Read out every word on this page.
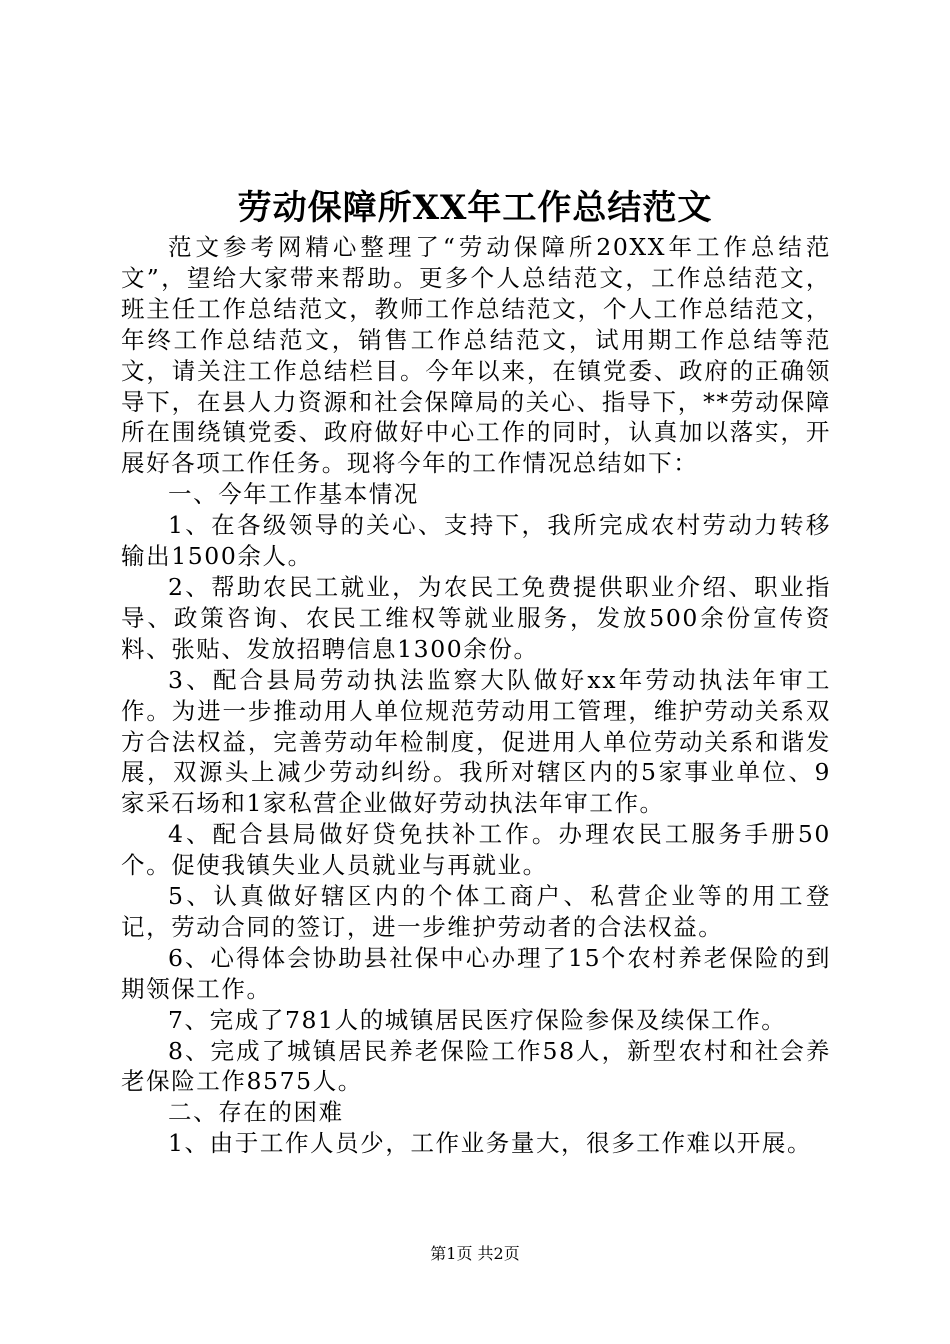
劳动保障所XX年工作总结范文

范文参考网精心整理了“劳动保障所20XX年工作总结范文”，望给大家带来帮助。更多个人总结范文，工作总结范文，班主任工作总结范文，教师工作总结范文，个人工作总结范文，年终工作总结范文，销售工作总结范文，试用期工作总结等范文，请关注工作总结栏目。今年以来，在镇党委、政府的正确领导下，在县人力资源和社会保障局的关心、指导下，**劳动保障所在围绕镇党委、政府做好中心工作的同时，认真加以落实，开展好各项工作任务。现将今年的工作情况总结如下：

一、今年工作基本情况

1、在各级领导的关心、支持下，我所完成农村劳动力转移输出1500余人。

2、帮助农民工就业，为农民工免费提供职业介绍、职业指导、政策咨询、农民工维权等就业服务，发放500余份宣传资料、张贴、发放招聘信息1300余份。

3、配合县局劳动执法监察大队做好xx年劳动执法年审工作。为进一步推动用人单位规范劳动用工管理，维护劳动关系双方合法权益，完善劳动年检制度，促进用人单位劳动关系和谐发展，双源头上减少劳动纠纷。我所对辖区内的5家事业单位、9家采石场和1家私营企业做好劳动执法年审工作。

4、配合县局做好贷免扶补工作。办理农民工服务手册50个。促使我镇失业人员就业与再就业。

5、认真做好辖区内的个体工商户、私营企业等的用工登记，劳动合同的签订，进一步维护劳动者的合法权益。

6、心得体会协助县社保中心办理了15个农村养老保险的到期领保工作。

7、完成了781人的城镇居民医疗保险参保及续保工作。

8、完成了城镇居民养老保险工作58人，新型农村和社会养老保险工作8575人。

二、存在的困难

1、由于工作人员少，工作业务量大，很多工作难以开展。

第1页 共2页
